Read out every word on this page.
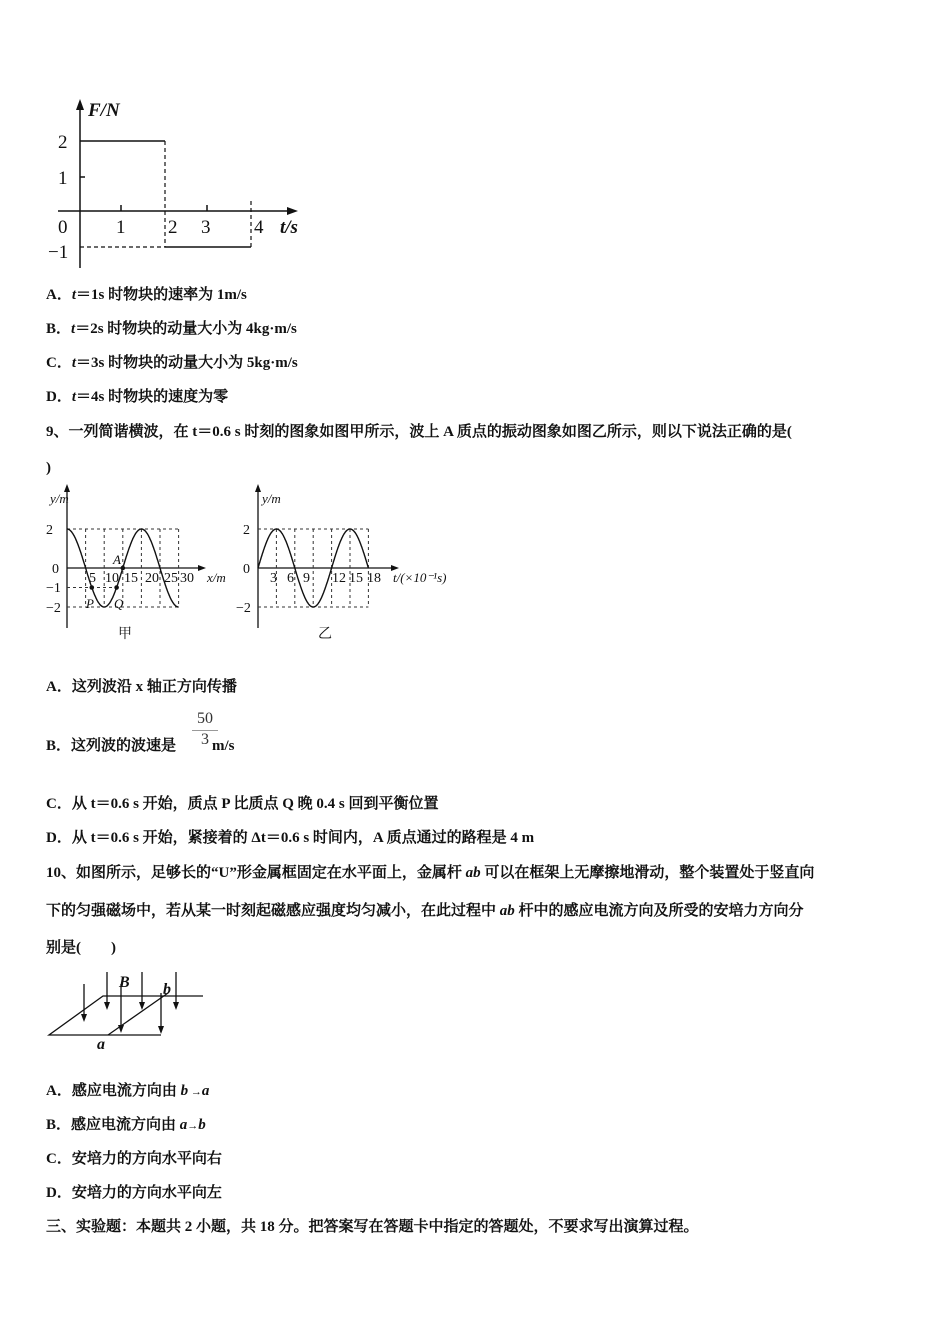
F/N
t/s
2
1
0
−1
1 2 3 4
A．t＝1s 时物块的速率为 1m/s
B．t＝2s 时物块的动量大小为 4kg·m/s
C．t＝3s 时物块的动量大小为 5kg·m/s
D．t＝4s 时物块的速度为零
9、一列简谐横波，在 t＝0.6 s 时刻的图象如图甲所示，波上 A 质点的振动图象如图乙所示，则以下说法正确的是(
)
y/m
2
0
−1
−2
5 10 15 20 25 30 x/m
P Q
A
甲
y/m
2
0
−2
3 6 9 12 15 18 t/(×10⁻¹s)
乙
A．这列波沿 x 轴正方向传播
B．这列波的波速是 m/s
$\frac{50}{3}$
C．从 t＝0.6 s 开始，质点 P 比质点 Q 晚 0.4 s 回到平衡位置
D．从 t＝0.6 s 开始，紧接着的 Δt＝0.6 s 时间内，A 质点通过的路程是 4 m
10、如图所示，足够长的“U”形金属框固定在水平面上，金属杆 ab 可以在框架上无摩擦地滑动，整个装置处于竖直向
下的匀强磁场中，若从某一时刻起磁感应强度均匀减小，在此过程中 ab 杆中的感应电流方向及所受的安培力方向分
别是(　　)
B b
a
A．感应电流方向由 b →a
B．感应电流方向由 a→b
C．安培力的方向水平向右
D．安培力的方向水平向左
三、实验题：本题共 2 小题，共 18 分。把答案写在答题卡中指定的答题处，不要求写出演算过程。
